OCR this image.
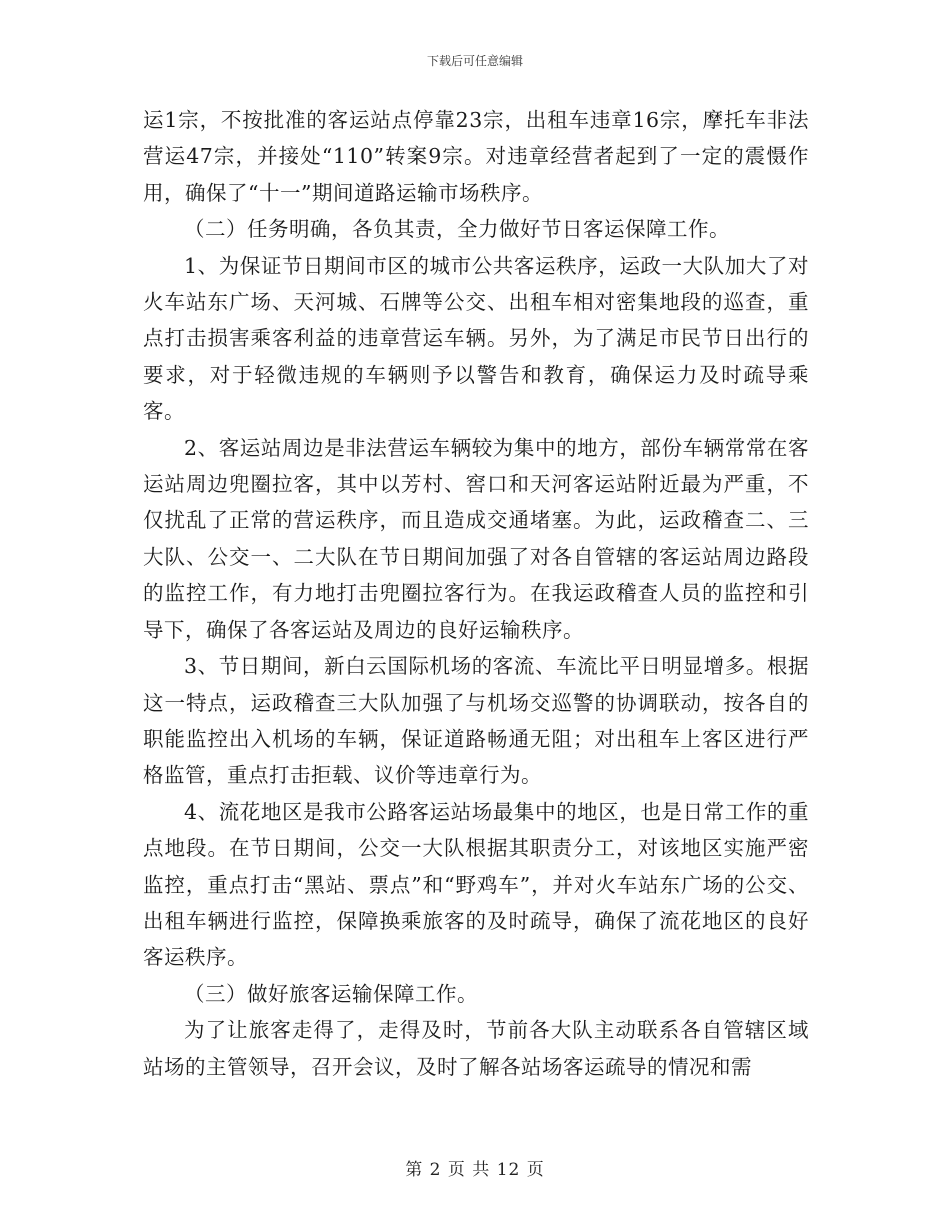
下载后可任意编辑

运1宗，不按批准的客运站点停靠23宗，出租车违章16宗，摩托车非法营运47宗，并接处“110”转案9宗。对违章经营者起到了一定的震慑作用，确保了“十一”期间道路运输市场秩序。

（二）任务明确，各负其责，全力做好节日客运保障工作。

1、为保证节日期间市区的城市公共客运秩序，运政一大队加大了对火车站东广场、天河城、石牌等公交、出租车相对密集地段的巡查，重点打击损害乘客利益的违章营运车辆。另外，为了满足市民节日出行的要求，对于轻微违规的车辆则予以警告和教育，确保运力及时疏导乘客。

2、客运站周边是非法营运车辆较为集中的地方，部份车辆常常在客运站周边兜圈拉客，其中以芳村、窖口和天河客运站附近最为严重，不仅扰乱了正常的营运秩序，而且造成交通堵塞。为此，运政稽查二、三大队、公交一、二大队在节日期间加强了对各自管辖的客运站周边路段的监控工作，有力地打击兜圈拉客行为。在我运政稽查人员的监控和引导下，确保了各客运站及周边的良好运输秩序。

3、节日期间，新白云国际机场的客流、车流比平日明显增多。根据这一特点，运政稽查三大队加强了与机场交巡警的协调联动，按各自的职能监控出入机场的车辆，保证道路畅通无阻；对出租车上客区进行严格监管，重点打击拒载、议价等违章行为。

4、流花地区是我市公路客运站场最集中的地区，也是日常工作的重点地段。在节日期间，公交一大队根据其职责分工，对该地区实施严密监控，重点打击“黑站、票点”和“野鸡车”，并对火车站东广场的公交、出租车辆进行监控，保障换乘旅客的及时疏导，确保了流花地区的良好客运秩序。

（三）做好旅客运输保障工作。

为了让旅客走得了，走得及时，节前各大队主动联系各自管辖区域站场的主管领导，召开会议，及时了解各站场客运疏导的情况和需

第 2 页 共 12 页
